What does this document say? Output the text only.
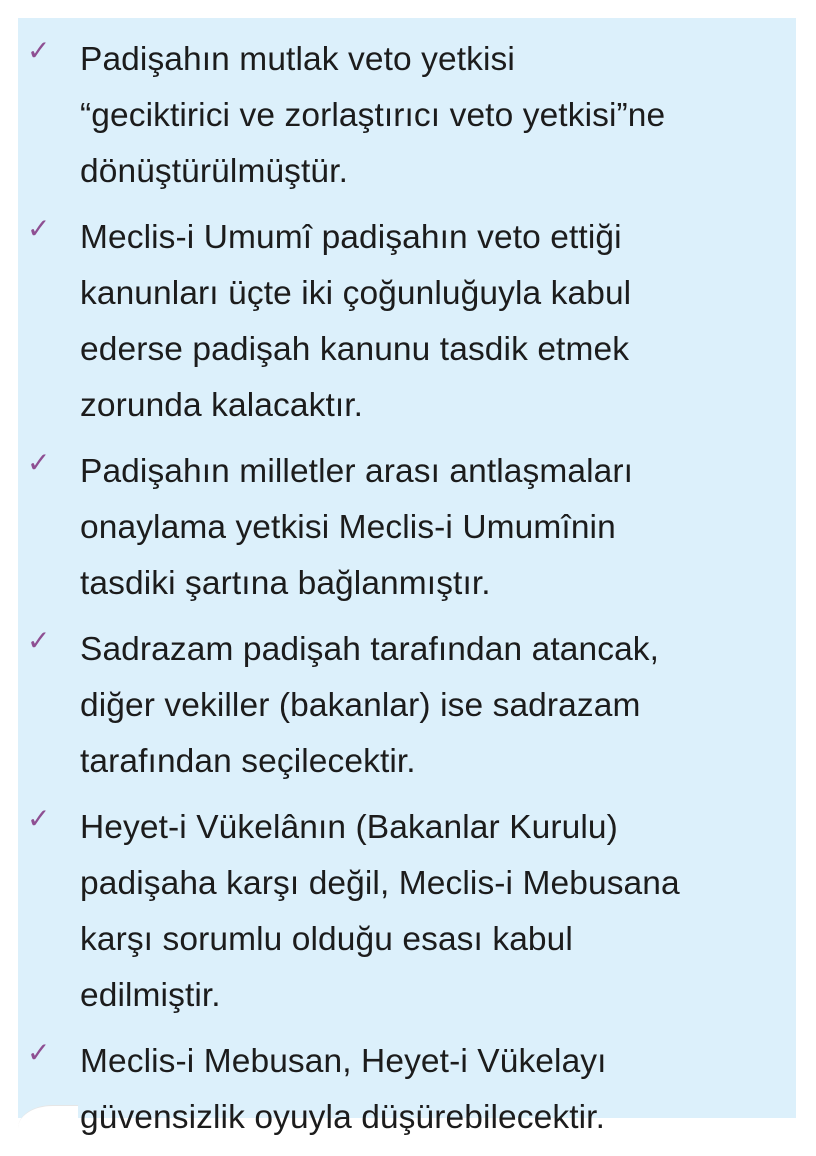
✓ Padişahın mutlak veto yetkisi
“geciktirici ve zorlaştırıcı veto yetkisi”ne
dönüştürülmüştür.
✓ Meclis-i Umumî padişahın veto ettiği
kanunları üçte iki çoğunluğuyla kabul
ederse padişah kanunu tasdik etmek
zorunda kalacaktır.
✓ Padişahın milletler arası antlaşmaları
onaylama yetkisi Meclis-i Umumînin
tasdiki şartına bağlanmıştır.
✓ Sadrazam padişah tarafından atancak,
diğer vekiller (bakanlar) ise sadrazam
tarafından seçilecektir.
✓ Heyet-i Vükelânın (Bakanlar Kurulu)
padişaha karşı değil, Meclis-i Mebusana
karşı sorumlu olduğu esası kabul
edilmiştir.
✓ Meclis-i Mebusan, Heyet-i Vükelayı
güvensizlik oyuyla düşürebilecektir.
